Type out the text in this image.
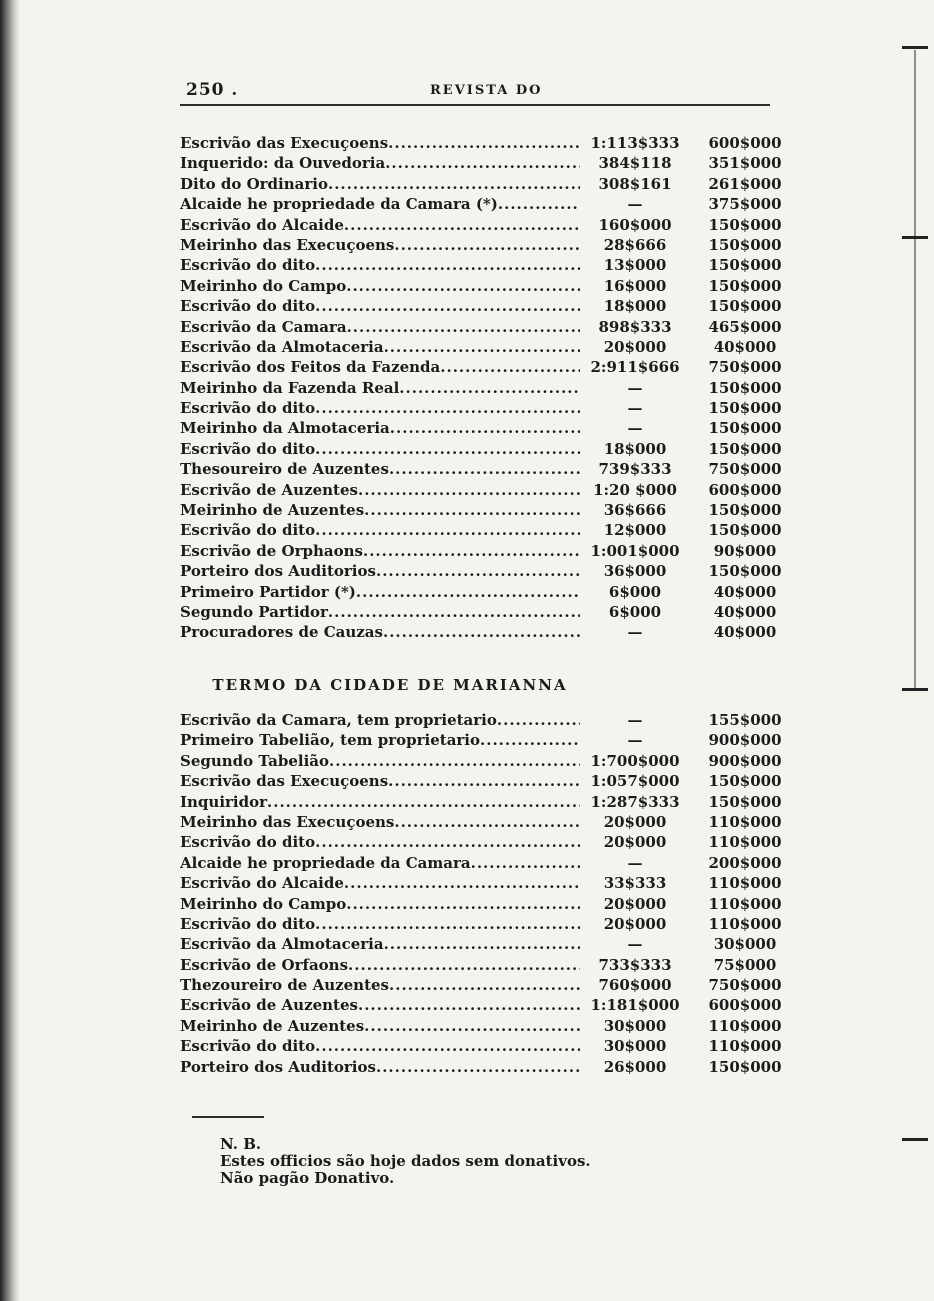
250 .	REVISTA DO
Escrivão das Execuçoens .....	1:113$333	600$000
Inquerido: da Ouvedoria .....	384$118	351$000
Dito do Ordinario .....	308$161	261$000
Alcaide he propriedade da Camara (*) .....	—	375$000
Escrivão do Alcaide .....	160$000	150$000
Meirinho das Execuçoens .....	28$666	150$000
Escrivão do dito .....	13$000	150$000
Meirinho do Campo .....	16$000	150$000
Escrivão do dito .....	18$000	150$000
Escrivão da Camara .....	898$333	465$000
Escrivão da Almotaceria .....	20$000	40$000
Escrivão dos Feitos da Fazenda .....	2:911$666	750$000
Meirinho da Fazenda Real .....	—	150$000
Escrivão do dito .....	—	150$000
Meirinho da Almotaceria .....	—	150$000
Escrivão do dito .....	18$000	150$000
Thesoureiro de Auzentes .....	739$333	750$000
Escrivão de Auzentes .....	1:20 $000	600$000
Meirinho de Auzentes .....	36$666	150$000
Escrivão do dito .....	12$000	150$000
Escrivão de Orphaons .....	1:001$000	90$000
Porteiro dos Auditorios .....	36$000	150$000
Primeiro Partidor (*) .....	6$000	40$000
Segundo Partidor .....	6$000	40$000
Procuradores de Cauzas .....	—	40$000
TERMO DA CIDADE DE MARIANNA
Escrivão da Camara, tem proprietario .....	—	155$000
Primeiro Tabelião, tem proprietario .....	—	900$000
Segundo Tabelião .....	1:700$000	900$000
Escrivão das Execuçoens .....	1:057$000	150$000
Inquiridor .....	1:287$333	150$000
Meirinho das Execuçoens .....	20$000	110$000
Escrivão do dito .....	20$000	110$000
Alcaide he propriedade da Camara .....	—	200$000
Escrivão do Alcaide .....	33$333	110$000
Meirinho do Campo .....	20$000	110$000
Escrivão do dito .....	20$000	110$000
Escrivão da Almotaceria .....	—	30$000
Escrivão de Orfaons .....	733$333	75$000
Thezoureiro de Auzentes .....	760$000	750$000
Escrivão de Auzentes .....	1:181$000	600$000
Meirinho de Auzentes .....	30$000	110$000
Escrivão do dito .....	30$000	110$000
Porteiro dos Auditorios .....	26$000	150$000
N. B.
Estes officios são hoje dados sem donativos.
Não pagão Donativo.
